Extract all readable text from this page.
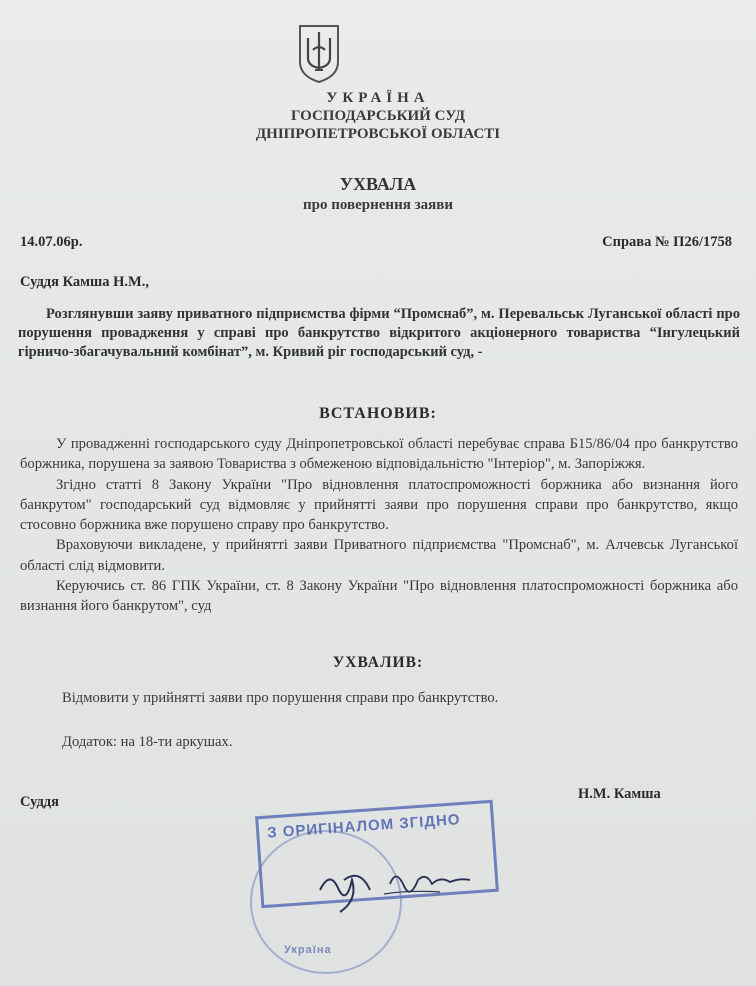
УКРАЇНА
ГОСПОДАРСЬКИЙ СУД
ДНІПРОПЕТРОВСЬКОЇ ОБЛАСТІ
УХВАЛА
про повернення заяви
14.07.06р.	Справа № П26/1758
Суддя Камша Н.М.,
Розглянувши заяву приватного підприємства фірми “Промснаб”, м. Перевальськ Луганської області про порушення провадження у справі про банкрутство відкритого акціонерного товариства “Інгулецький гірничо-збагачувальний комбінат”, м. Кривий ріг господарський суд, -
ВСТАНОВИВ:

У провадженні господарського суду Дніпропетровської області перебуває справа Б15/86/04 про банкрутство боржника, порушена за заявою Товариства з обмеженою відповідальністю "Інтеріор", м. Запоріжжя.

Згідно статті 8 Закону України "Про відновлення платоспроможності боржника або визнання його банкрутом" господарський суд відмовляє у прийнятті заяви про порушення справи про банкрутство, якщо стосовно боржника вже порушено справу про банкрутство.

Враховуючи викладене, у прийнятті заяви Приватного підприємства "Промснаб", м. Алчевськ Луганської області слід відмовити.

Керуючись ст. 86 ГПК України, ст. 8 Закону України "Про відновлення платоспроможності боржника або визнання його банкрутом", суд

УХВАЛИВ:
Відмовити у прийнятті заяви про порушення справи про банкрутство.
Додаток: на 18-ти аркушах.
Суддя	Н.М. Камша
Україна
З ОРИГІНАЛОМ ЗГІДНО
